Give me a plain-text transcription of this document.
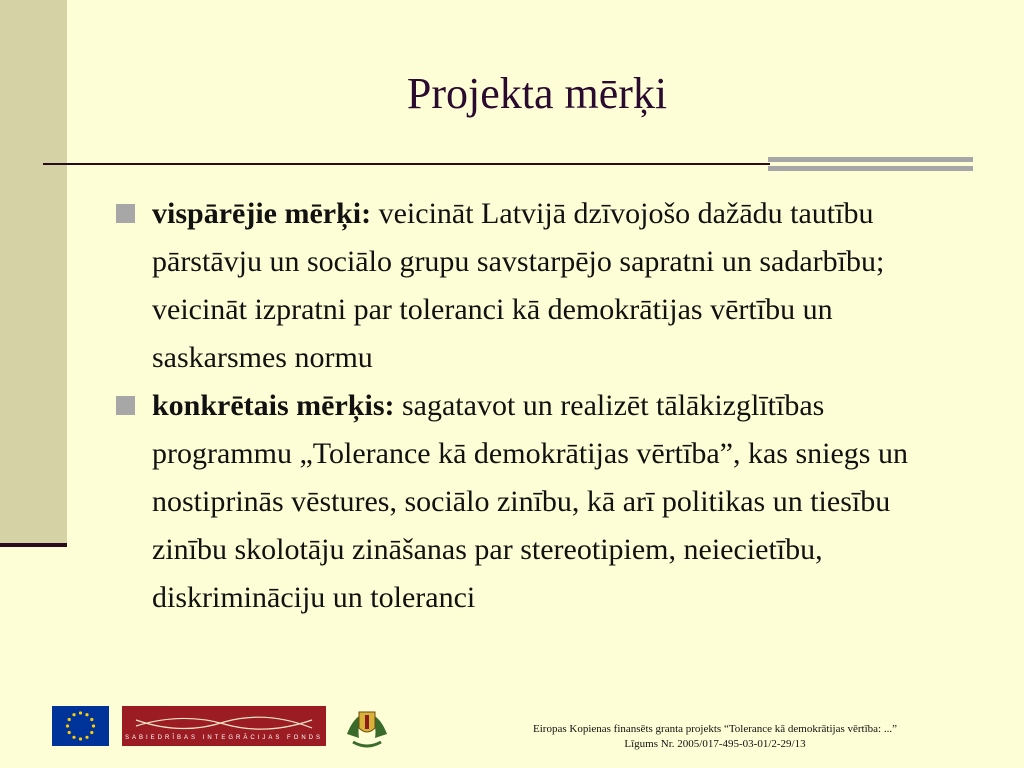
Projekta mērķi
vispārējie mērķi: veicināt Latvijā dzīvojošo dažādu tautību pārstāvju un sociālo grupu savstarpējo sapratni un sadarbību; veicināt izpratni par toleranci kā demokrātijas vērtību un saskarsmes normu
konkrētais mērķis: sagatavot un realizēt tālākizglītības programmu „Tolerance kā demokrātijas vērtība”, kas sniegs un nostiprinās vēstures, sociālo zinību, kā arī politikas un tiesību zinību skolotāju zināšanas par stereotipiem, neiecietību, diskrimināciju un toleranci
SABIEDRĪBAS INTEGRĀCIJAS FONDS
Eiropas Kopienas finansēts granta projekts “Tolerance kā demokrātijas vērtība: ...”
Līgums Nr. 2005/017-495-03-01/2-29/13
